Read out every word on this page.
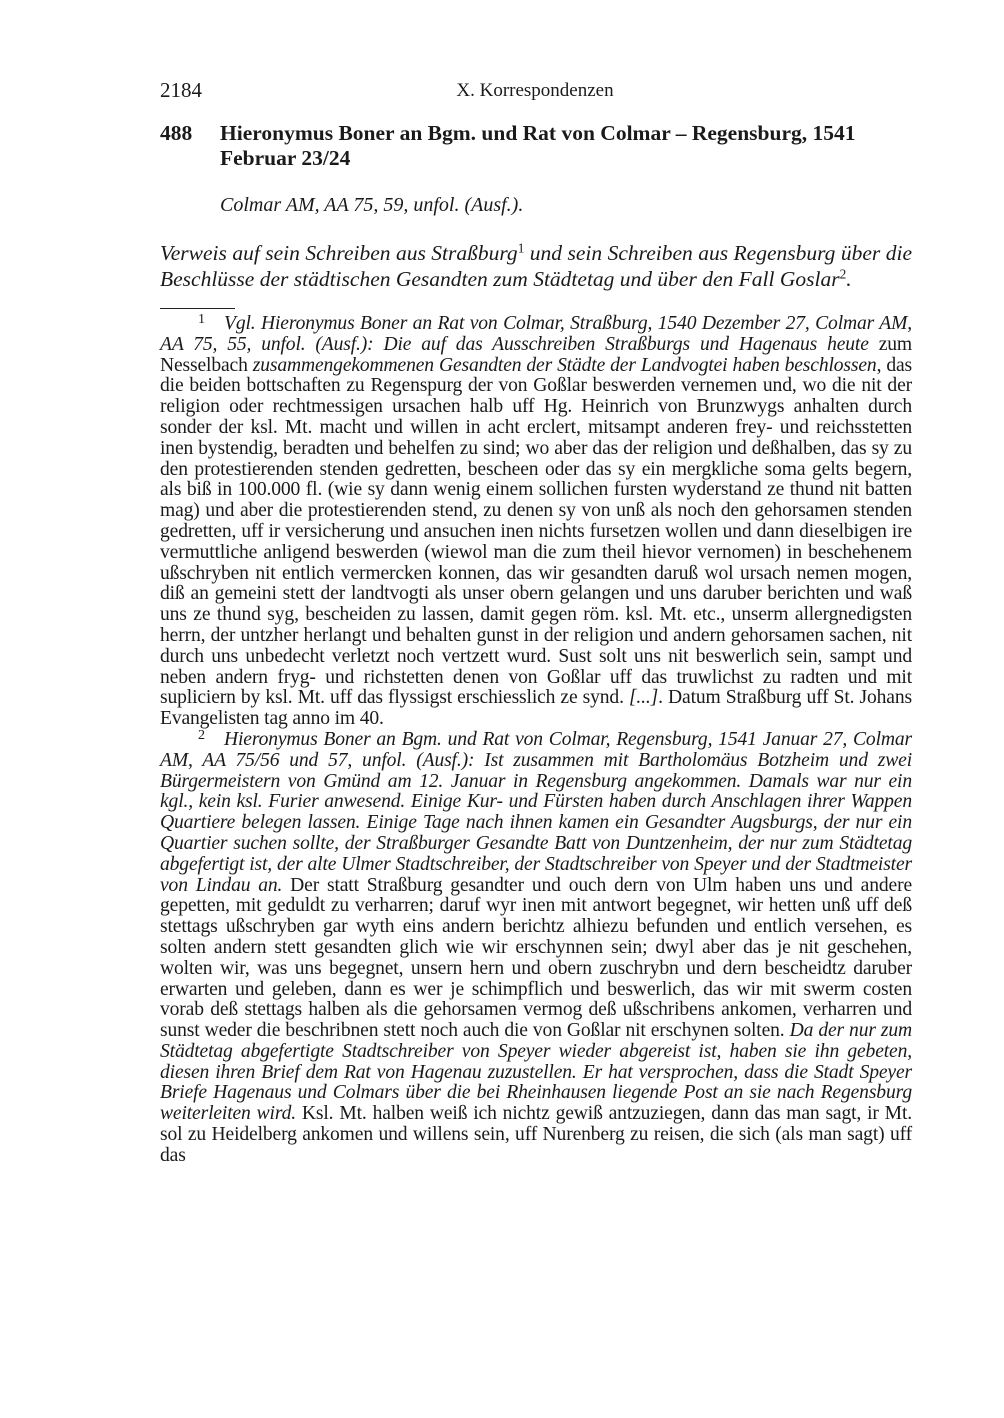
2184	X. Korrespondenzen
488 Hieronymus Boner an Bgm. und Rat von Colmar – Regensburg, 1541 Februar 23/24
Colmar AM, AA 75, 59, unfol. (Ausf.).
Verweis auf sein Schreiben aus Straßburg$^1$ und sein Schreiben aus Regensburg über die Beschlüsse der städtischen Gesandten zum Städtetag und über den Fall Goslar$^2$.

1 Vgl. Hieronymus Boner an Rat von Colmar, Straßburg, 1540 Dezember 27, Colmar AM, AA 75, 55, unfol. (Ausf.): Die auf das Ausschreiben Straßburgs und Hagenaus heute zum Nesselbach zusammengekommenen Gesandten der Städte der Landvogtei haben beschlossen, das die beiden bottschaften zu Regenspurg der von Goßlar beswerden vernemen und, wo die nit der religion oder rechtmessigen ursachen halb uff Hg. Heinrich von Brunzwygs anhalten durch sonder der ksl. Mt. macht und willen in acht erclert, mitsampt anderen frey- und reichsstetten inen bystendig, beradten und behelfen zu sind; wo aber das der religion und deßhalben, das sy zu den protestierenden stenden gedretten, bescheen oder das sy ein mergkliche soma gelts begern, als biß in 100.000 fl. (wie sy dann wenig einem sollichen fursten wyderstand ze thund nit batten mag) und aber die protestierenden stend, zu denen sy von unß als noch den gehorsamen stenden gedretten, uff ir versicherung und ansuchen inen nichts fursetzen wollen und dann dieselbigen ire vermuttliche anligend beswerden (wiewol man die zum theil hievor vernomen) in beschehenem ußschryben nit entlich vermercken konnen, das wir gesandten daruß wol ursach nemen mogen, diß an gemeini stett der landtvogti als unser obern gelangen und uns daruber berichten und waß uns ze thund syg, bescheiden zu lassen, damit gegen röm. ksl. Mt. etc., unserm allergnedigsten herrn, der untzher herlangt und behalten gunst in der religion und andern gehorsamen sachen, nit durch uns unbedecht verletzt noch vertzett wurd. Sust solt uns nit beswerlich sein, sampt und neben andern fryg- und richstetten denen von Goßlar uff das truwlichst zu radten und mit supliciern by ksl. Mt. uff das flyssigst erschiesslich ze synd. [...]. Datum Straßburg uff St. Johans Evangelisten tag anno im 40.

2 Hieronymus Boner an Bgm. und Rat von Colmar, Regensburg, 1541 Januar 27, Colmar AM, AA 75/56 und 57, unfol. (Ausf.): Ist zusammen mit Bartholomäus Botzheim und zwei Bürgermeistern von Gmünd am 12. Januar in Regensburg angekommen. Damals war nur ein kgl., kein ksl. Furier anwesend. Einige Kur- und Fürsten haben durch Anschlagen ihrer Wappen Quartiere belegen lassen. Einige Tage nach ihnen kamen ein Gesandter Augsburgs, der nur ein Quartier suchen sollte, der Straßburger Gesandte Batt von Duntzenheim, der nur zum Städtetag abgefertigt ist, der alte Ulmer Stadtschreiber, der Stadtschreiber von Speyer und der Stadtmeister von Lindau an. Der statt Straßburg gesandter und ouch dern von Ulm haben uns und andere gepetten, mit geduldt zu verharren; daruf wyr inen mit antwort begegnet, wir hetten unß uff deß stettags ußschryben gar wyth eins andern berichtz alhiezu befunden und entlich versehen, es solten andern stett gesandten glich wie wir erschynnen sein; dwyl aber das je nit geschehen, wolten wir, was uns begegnet, unsern hern und obern zuschrybn und dern bescheidtz daruber erwarten und geleben, dann es wer je schimpflich und beswerlich, das wir mit swerm costen vorab deß stettags halben als die gehorsamen vermog deß ußschribens ankomen, verharren und sunst weder die beschribnen stett noch auch die von Goßlar nit erschynen solten. Da der nur zum Städtetag abgefertigte Stadtschreiber von Speyer wieder abgereist ist, haben sie ihn gebeten, diesen ihren Brief dem Rat von Hagenau zuzustellen. Er hat versprochen, dass die Stadt Speyer Briefe Hagenaus und Colmars über die bei Rheinhausen liegende Post an sie nach Regensburg weiterleiten wird. Ksl. Mt. halben weiß ich nichtz gewiß antzuziegen, dann das man sagt, ir Mt. sol zu Heidelberg ankomen und willens sein, uff Nurenberg zu reisen, die sich (als man sagt) uff das
